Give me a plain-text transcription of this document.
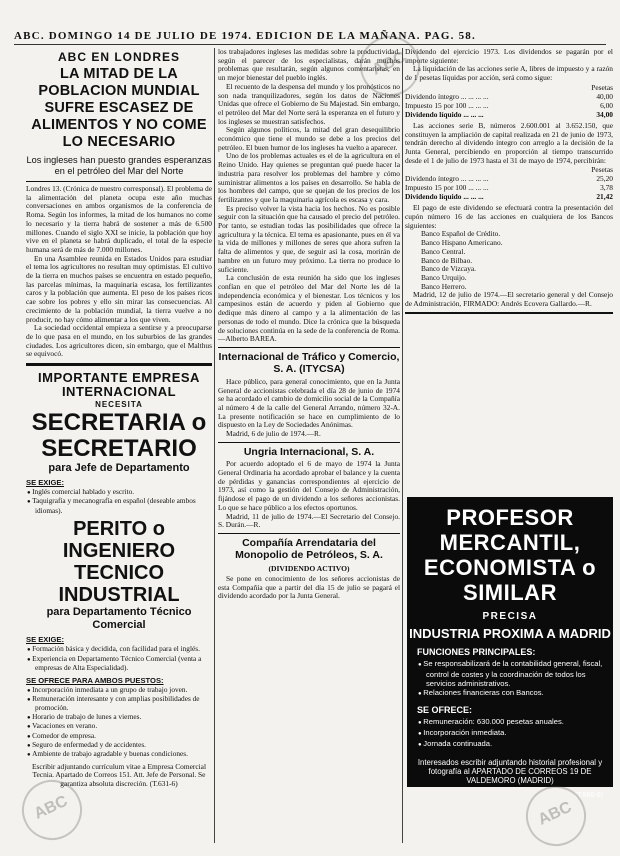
ABC. DOMINGO 14 DE JULIO DE 1974. EDICION DE LA MAÑANA. PAG. 58.
ABC EN LONDRES
LA MITAD DE LA POBLACION MUNDIAL SUFRE ESCASEZ DE ALIMENTOS Y NO COME LO NECESARIO
Los ingleses han puesto grandes esperanzas en el petróleo del Mar del Norte

Londres 13. (Crónica de nuestro corresponsal). El problema de la alimentación del planeta ocupa este año muchas conversaciones en ambos organismos de la conferencia de Roma. Según los informes, la mitad de los humanos no come lo necesario y la tierra habrá de sostener a más de 6.500 millones. Cuando el siglo XXI se inicie, la población que hoy vive en el planeta se habrá duplicado, el total de la especie humana será de más de 7.000 millones.

En una Asamblee reunida en Estados Unidos para estudiar el tema los agricultores no resultan muy optimistas. El cultivo de la tierra en muchos países se encuentra en estado pequeño, las parcelas mínimas, la maquinaria escasa, los fertilizantes caros y la población que aumenta. El peso de los países ricos cae sobre los pobres y ello sin mirar las consecuencias. Al crecimiento de la población mundial, la tierra vuelve a no producir, no hay cómo alimentar a los que viven.

La sociedad occidental empieza a sentirse y a preocuparse de lo que pasa en el mundo, en los suburbios de las grandes ciudades. Los agricultores dicen, sin embargo, que el Malthus se equivocó.

IMPORTANTE EMPRESA INTERNACIONAL
NECESITA
SECRETARIA o SECRETARIO
para Jefe de Departamento
SE EXIGE:
● Inglés comercial hablado y escrito.
● Taquigrafía y mecanografía en español (deseable ambos idiomas).
PERITO o INGENIERO TECNICO INDUSTRIAL
para Departamento Técnico Comercial
SE EXIGE:
● Formación básica y decidida, con facilidad para el inglés.
● Experiencia en Departamento Técnico Comercial (venta a empresas de Alta Especialidad).
SE OFRECE PARA AMBOS PUESTOS:
● Incorporación inmediata a un grupo de trabajo joven.
● Remuneración interesante y con amplias posibilidades de promoción.
● Horario de trabajo de lunes a viernes.
● Vacaciones en verano.
● Comedor de empresa.
● Seguro de enfermedad y de accidentes.
● Ambiente de trabajo agradable y buenas condiciones.

Escribir adjuntando currículum vitae a Empresa Comercial Tecnia. Apartado de Correos 151. Att. Jefe de Personal. Se garantiza absoluta discreción. (T.631-6)

los trabajadores ingleses las medidas sobre la productividad, según el parecer de los especialistas, darán muchos problemas que resultarán, según algunos comentaristas, en un mejor bienestar del pueblo inglés.

El recuento de la despensa del mundo y los pronósticos no son nada tranquilizadores, según los datos de Naciones Unidas que ofrece el Gobierno de Su Majestad. Sin embargo, el petróleo del Mar del Norte será la esperanza en el futuro y los ingleses se muestran satisfechos.

Según algunos políticos, la mitad del gran desequilibrio económico que tiene el mundo se debe a los precios del petróleo. El buen humor de los ingleses ha vuelto a aparecer.

Uno de los problemas actuales es el de la agricultura en el Reino Unido. Hay quienes se preguntan qué puede hacer la industria para resolver los problemas del hambre y cómo suministrar alimentos a los países en desarrollo. Se habla de los hombres del campo, que se quejan de los precios de los fertilizantes y que la maquinaria agrícola es escasa y cara.

Es preciso volver la vista hacia los hechos. No es posible seguir con la situación que ha causado el precio del petróleo. Por tanto, se estudian todas las posibilidades que ofrece la agricultura y la técnica. El tema es apasionante, pues en él va la vida de millones y millones de seres que ahora sufren la falta de alimentos y que, de seguir así la cosa, morirán de hambre en un futuro muy próximo. La tierra no produce lo suficiente.

La conclusión de esta reunión ha sido que los ingleses confían en que el petróleo del Mar del Norte les dé la independencia económica y el bienestar. Los técnicos y los campesinos están de acuerdo y piden al Gobierno que dedique más dinero al campo y a la alimentación de las personas de todo el mundo. Dice la crónica que la búsqueda de soluciones continúa en la sede de la conferencia de Roma.—Alberto BAREA.

Internacional de Tráfico y Comercio, S. A. (ITYCSA)

Hace público, para general conocimiento, que en la Junta General de accionistas celebrada el día 28 de junio de 1974 se ha acordado el cambio de domicilio social de la Compañía al número 4 de la calle del General Arrando, número 32-A. La presente notificación se hace en cumplimiento de lo dispuesto en la Ley de Sociedades Anónimas.

Madrid, 6 de julio de 1974.—R.

Ungria Internacional, S. A.

Por acuerdo adoptado el 6 de mayo de 1974 la Junta General Ordinaria ha acordado aprobar el balance y la cuenta de pérdidas y ganancias correspondientes al ejercicio de 1973, así como la gestión del Consejo de Administración, fijándose el pago de un dividendo a los señores accionistas. Lo que se hace público a los efectos oportunos.

Madrid, 11 de julio de 1974.—El Secretario del Consejo. S. Durán.—R.

Compañía Arrendataria del Monopolio de Petróleos, S. A.
(DIVIDENDO ACTIVO)

Se pone en conocimiento de los señores accionistas de esta Compañía que a partir del día 15 de julio se pagará el dividendo acordado por la Junta General.

Dividendo del ejercicio 1973. Los dividendos se pagarán por el importe siguiente:

La liquidación de las acciones serie A, libres de impuesto y a razón de 1 pesetas líquidas por acción, será como sigue:

	Pesetas
Dividendo íntegro ... ... ... ...	40,00
Impuesto 15 por 100 ... ... ...	6,00
Dividendo líquido ... ... ...	34,00

Las acciones serie B, números 2.600.001 al 3.652.150, que constituyen la ampliación de capital realizada en 21 de junio de 1973, tendrán derecho al dividendo íntegro con arreglo a la decisión de la Junta General, percibiendo en proporción al tiempo transcurrido desde el 1 de julio de 1973 hasta el 31 de mayo de 1974, percibirán:

	Pesetas
Dividendo íntegro ... ... ... ...	25,20
Impuesto 15 por 100 ... ... ...	3,78
Dividendo líquido ... ... ...	21,42

El pago de este dividendo se efectuará contra la presentación del cupón número 16 de las acciones en cualquiera de los Bancos siguientes:

Banco Español de Crédito.

Banco Hispano Americano.

Banco Central.

Banco de Bilbao.

Banco de Vizcaya.

Banco Urquijo.

Banco Herrero.

Madrid, 12 de julio de 1974.—El secretario general y del Consejo de Administración, FIRMADO: Andrés Ecovera Gallardo.—R.

PROFESOR MERCANTIL, ECONOMISTA o SIMILAR
PRECISA
INDUSTRIA PROXIMA A MADRID
FUNCIONES PRINCIPALES:
● Se responsabilizará de la contabilidad general, fiscal, control de costes y la coordinación de todos los servicios administrativos.
● Relaciones financieras con Bancos.
SE OFRECE:
● Remuneración: 630.000 pesetas anuales.
● Incorporación inmediata.
● Jornada continuada.
Interesados escribir adjuntando historial profesional y fotografía al APARTADO DE CORREOS 19 DE VALDEMORO (MADRID)
(T.866-6)
ABC
ABC	ABC
